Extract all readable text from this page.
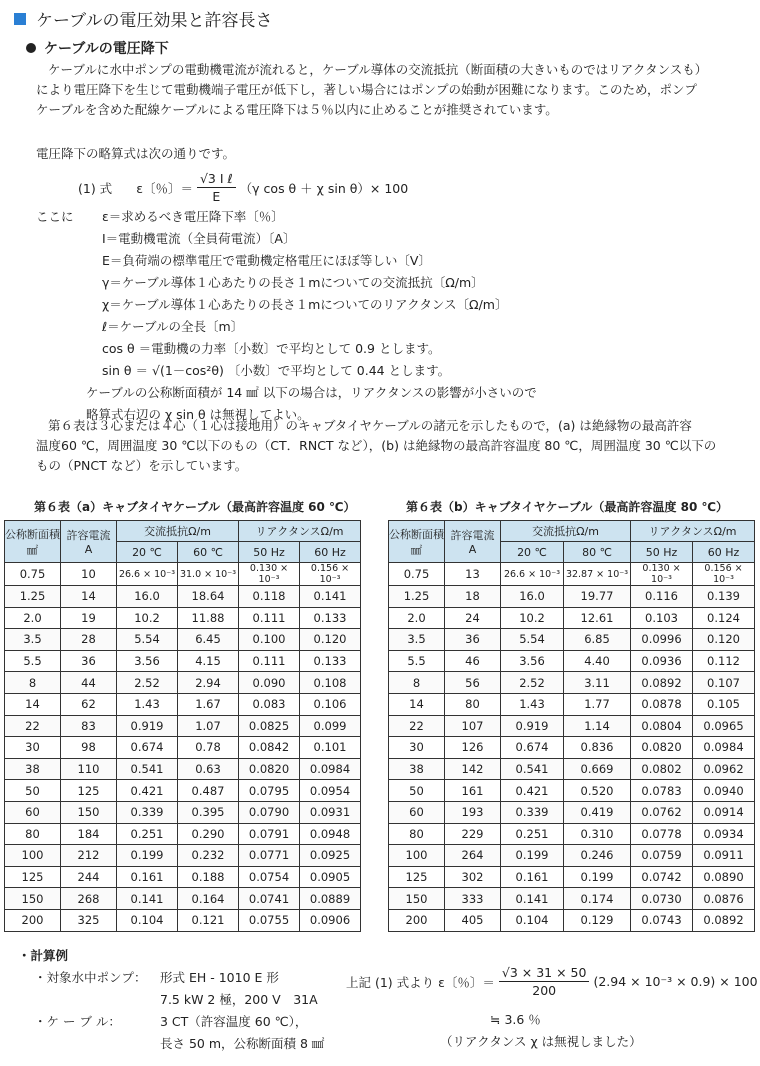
ケーブルの電圧効果と許容長さ
ケーブルの電圧降下
ケーブルに水中ポンプの電動機電流が流れると，ケーブル導体の交流抵抗（断面積の大きいものではリアクタンスも）
により電圧降下を生じて電動機端子電圧が低下し，著しい場合にはポンプの始動が困難になります。このため，ポンプ
ケーブルを含めた配線ケーブルによる電圧降下は５％以内に止めることが推奨されています。
電圧降下の略算式は次の通りです。
(1) 式 ε〔％〕＝ $\frac{\text{√3 I ℓ}}{E} (\gamma$ cos θ ＋ χ sin θ）× 100
ここに ε＝求めるべき電圧降下率〔％〕
I＝電動機電流（全員荷電流）〔A〕
E＝負荷端の標準電圧で電動機定格電圧にほぼ等しい〔V〕
γ＝ケーブル導体１心あたりの長さ１mについての交流抵抗〔Ω/m〕
χ＝ケーブル導体１心あたりの長さ１mについてのリアクタンス〔Ω/m〕
ℓ＝ケーブルの全長〔m〕
cos θ ＝電動機の力率〔小数〕で平均として 0.9 とします。
sin θ ＝ √(1－cos²θ) 〔小数〕で平均として 0.44 とします。
ケーブルの公称断面積が 14 ㎟ 以下の場合は，リアクタンスの影響が小さいので
略算式右辺の χ sin θ は無視してよい。
第６表は３心または４心（１心は接地用）のキャブタイヤケーブルの諸元を示したもので，(a) は絶縁物の最高許容
温度60 ℃，周囲温度 30 ℃以下のもの（CT．RNCT など），(b) は絶縁物の最高許容温度 80 ℃，周囲温度 30 ℃以下の
もの（PNCT など）を示しています。
第６表（a）キャブタイヤケーブル（最高許容温度 60 ℃）
公称断面積
㎟	許容電流
A	交流抵抗Ω/m		リアクタンスΩ/m	
		20 ℃	60 ℃	50 Hz	60 Hz
0.75	10	26.6 × 10⁻³	31.0 × 10⁻³	0.130 × 10⁻³	0.156 × 10⁻³
1.25	14	16.0	18.64	0.118	0.141
2.0	19	10.2	11.88	0.111	0.133
3.5	28	5.54	6.45	0.100	0.120
5.5	36	3.56	4.15	0.111	0.133
8	44	2.52	2.94	0.090	0.108
14	62	1.43	1.67	0.083	0.106
22	83	0.919	1.07	0.0825	0.099
30	98	0.674	0.78	0.0842	0.101
38	110	0.541	0.63	0.0820	0.0984
50	125	0.421	0.487	0.0795	0.0954
60	150	0.339	0.395	0.0790	0.0931
80	184	0.251	0.290	0.0791	0.0948
100	212	0.199	0.232	0.0771	0.0925
125	244	0.161	0.188	0.0754	0.0905
150	268	0.141	0.164	0.0741	0.0889
200	325	0.104	0.121	0.0755	0.0906
第６表（b）キャブタイヤケーブル（最高許容温度 80 ℃）
公称断面積
㎟	許容電流
A	交流抵抗Ω/m		リアクタンスΩ/m	
		20 ℃	80 ℃	50 Hz	60 Hz
0.75	13	26.6 × 10⁻³	32.87 × 10⁻³	0.130 × 10⁻³	0.156 × 10⁻³
1.25	18	16.0	19.77	0.116	0.139
2.0	24	10.2	12.61	0.103	0.124
3.5	36	5.54	6.85	0.0996	0.120
5.5	46	3.56	4.40	0.0936	0.112
8	56	2.52	3.11	0.0892	0.107
14	80	1.43	1.77	0.0878	0.105
22	107	0.919	1.14	0.0804	0.0965
30	126	0.674	0.836	0.0820	0.0984
38	142	0.541	0.669	0.0802	0.0962
50	161	0.421	0.520	0.0783	0.0940
60	193	0.339	0.419	0.0762	0.0914
80	229	0.251	0.310	0.0778	0.0934
100	264	0.199	0.246	0.0759	0.0911
125	302	0.161	0.199	0.0742	0.0890
150	333	0.141	0.174	0.0730	0.0876
200	405	0.104	0.129	0.0743	0.0892
・計算例
・対象水中ポンプ： 形式 EH - 1010 E 形
7.5 kW 2 極，200 V　31A
・ケ ー ブ ル：	3 CT（許容温度 60 ℃），
長さ 50 m，公称断面積 8 ㎟
上記 (1) 式より ε〔％〕＝ $\frac{√3 \times 31 \times 50}{200} (2.94 \times 10^{-3} \times 0.9) \times 100$
≒ 3.6 ％
（リアクタンス χ は無視しました）
